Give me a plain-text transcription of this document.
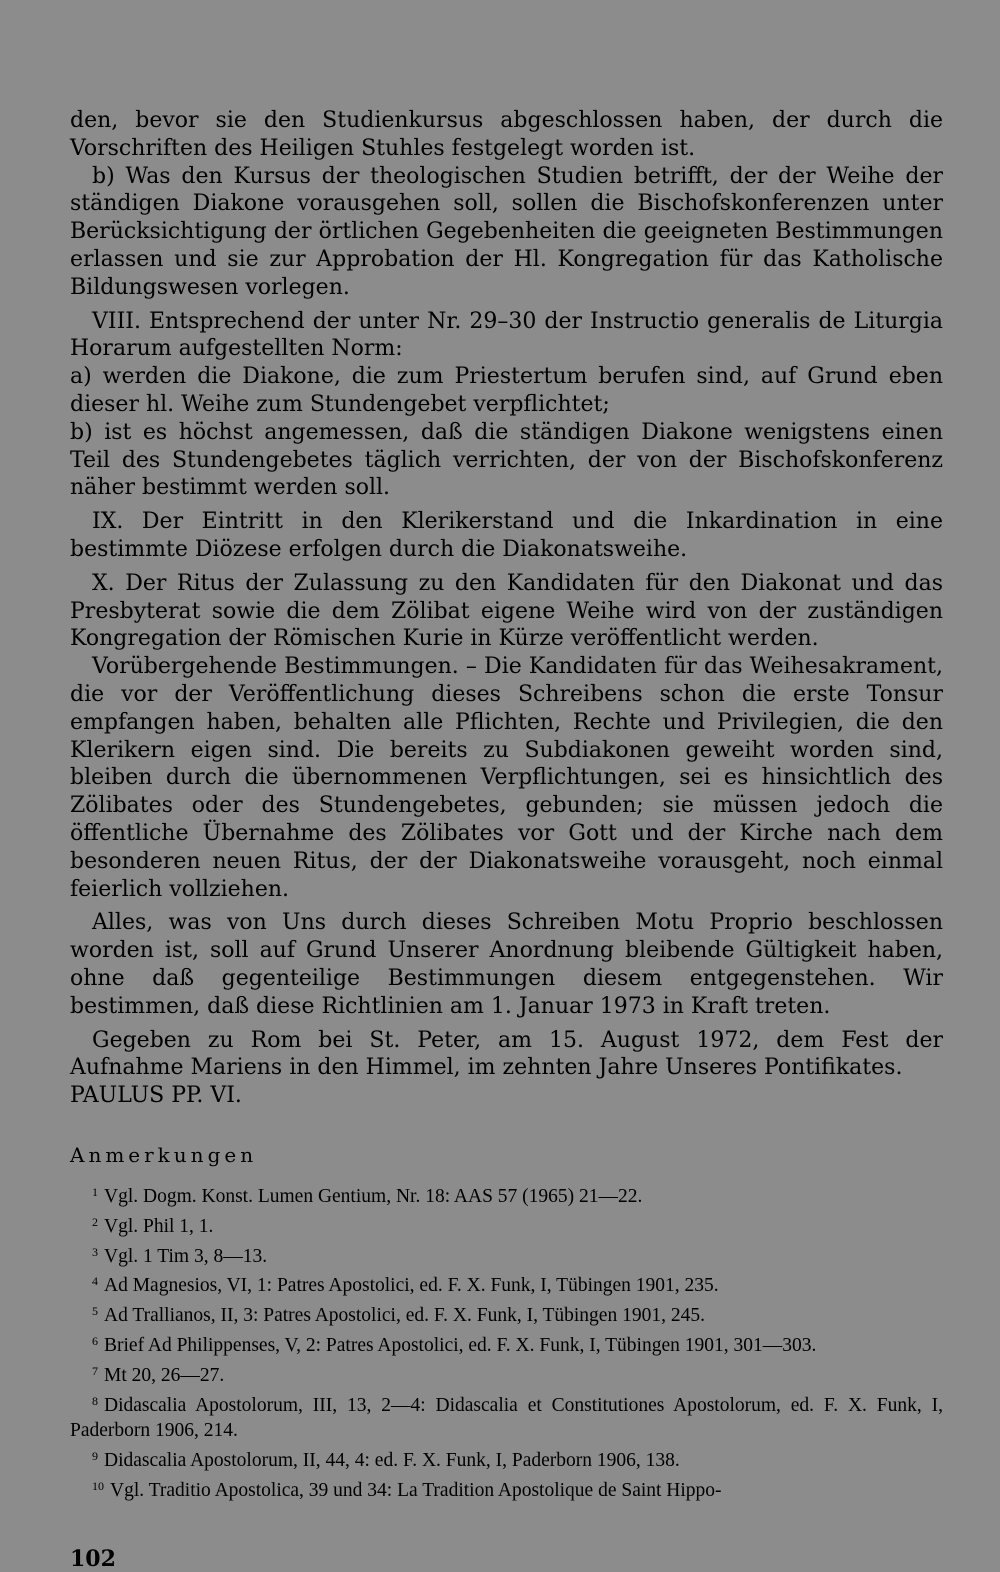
den, bevor sie den Studienkursus abgeschlossen haben, der durch die Vorschriften des Heiligen Stuhles festgelegt worden ist.

b) Was den Kursus der theologischen Studien betrifft, der der Weihe der ständigen Diakone vorausgehen soll, sollen die Bischofskonferenzen unter Berücksichtigung der örtlichen Gegebenheiten die geeigneten Bestimmungen erlassen und sie zur Approbation der Hl. Kongregation für das Katholische Bildungswesen vorlegen.

VIII. Entsprechend der unter Nr. 29–30 der Instructio generalis de Liturgia Horarum aufgestellten Norm:

a) werden die Diakone, die zum Priestertum berufen sind, auf Grund eben dieser hl. Weihe zum Stundengebet verpflichtet;

b) ist es höchst angemessen, daß die ständigen Diakone wenigstens einen Teil des Stundengebetes täglich verrichten, der von der Bischofskonferenz näher bestimmt werden soll.

IX. Der Eintritt in den Klerikerstand und die Inkardination in eine bestimmte Diözese erfolgen durch die Diakonatsweihe.

X. Der Ritus der Zulassung zu den Kandidaten für den Diakonat und das Presbyterat sowie die dem Zölibat eigene Weihe wird von der zuständigen Kongregation der Römischen Kurie in Kürze veröffentlicht werden.

Vorübergehende Bestimmungen. – Die Kandidaten für das Weihesakrament, die vor der Veröffentlichung dieses Schreibens schon die erste Tonsur empfangen haben, behalten alle Pflichten, Rechte und Privilegien, die den Klerikern eigen sind. Die bereits zu Subdiakonen geweiht worden sind, bleiben durch die übernommenen Verpflichtungen, sei es hinsichtlich des Zölibates oder des Stundengebetes, gebunden; sie müssen jedoch die öffentliche Übernahme des Zölibates vor Gott und der Kirche nach dem besonderen neuen Ritus, der der Diakonatsweihe vorausgeht, noch einmal feierlich vollziehen.

Alles, was von Uns durch dieses Schreiben Motu Proprio beschlossen worden ist, soll auf Grund Unserer Anordnung bleibende Gültigkeit haben, ohne daß gegenteilige Bestimmungen diesem entgegenstehen. Wir bestimmen, daß diese Richtlinien am 1. Januar 1973 in Kraft treten.

Gegeben zu Rom bei St. Peter, am 15. August 1972, dem Fest der Aufnahme Mariens in den Himmel, im zehnten Jahre Unseres Pontifikates.

PAULUS PP. VI.

Anmerkungen
$^1$ Vgl. Dogm. Konst. Lumen Gentium, Nr. 18: AAS 57 (1965) 21—22.
$^2$ Vgl. Phil 1, 1.
$^3$ Vgl. 1 Tim 3, 8—13.
$^4$ Ad Magnesios, VI, 1: Patres Apostolici, ed. F. X. Funk, I, Tübingen 1901, 235.
$^5$ Ad Trallianos, II, 3: Patres Apostolici, ed. F. X. Funk, I, Tübingen 1901, 245.
$^6$ Brief Ad Philippenses, V, 2: Patres Apostolici, ed. F. X. Funk, I, Tübingen 1901, 301—303.
$^7$ Mt 20, 26—27.
$^8$ Didascalia Apostolorum, III, 13, 2—4: Didascalia et Constitutiones Apostolorum, ed. F. X. Funk, I, Paderborn 1906, 214.
$^9$ Didascalia Apostolorum, II, 44, 4: ed. F. X. Funk, I, Paderborn 1906, 138.
$^{10}$ Vgl. Traditio Apostolica, 39 und 34: La Tradition Apostolique de Saint Hippo-
102
